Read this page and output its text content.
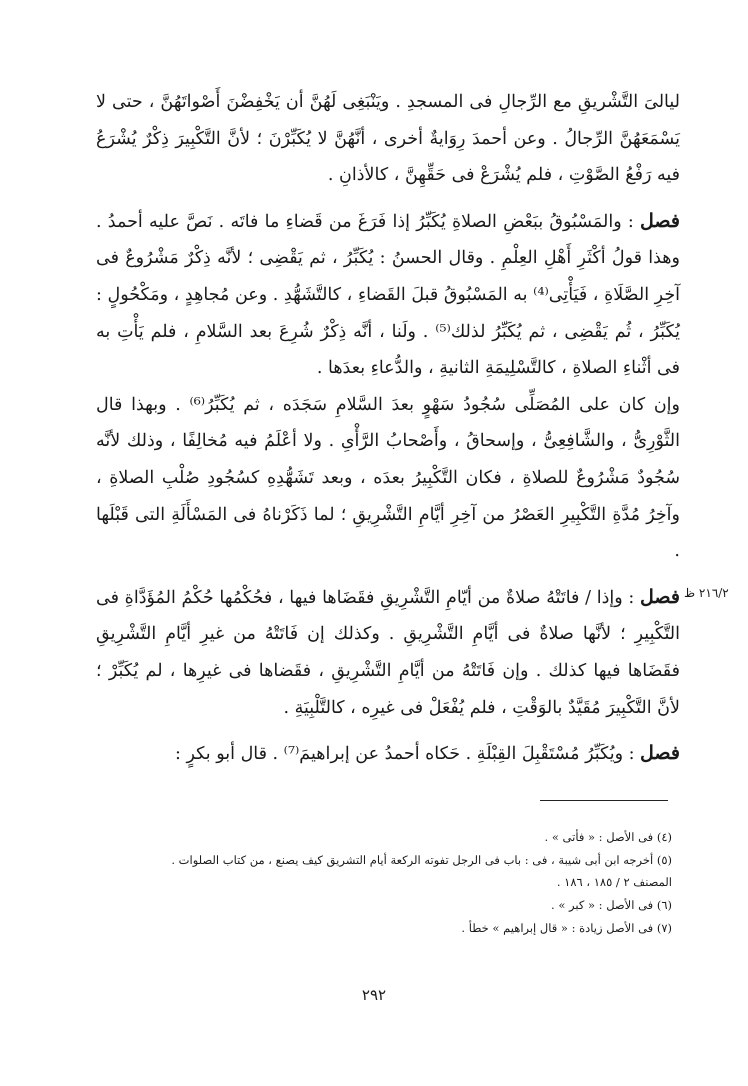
ليالىَ التَّشْريقِ مع الرِّجالِ فى المسجدِ . ويَنْبَغِى لَهُنَّ أن يَخْفِضْنَ أَصْواتَهُنَّ ، حتى لا يَسْمَعَهُنَّ الرِّجالُ . وعن أحمدَ رِوَايةٌ أخرى ، أنَّهُنَّ لا يُكَبِّرْنَ ؛ لأنَّ التَّكْبِيرَ ذِكْرٌ يُشْرَعُ فيه رَفْعُ الصَّوْتِ ، فلم يُشْرَعْ فى حَقِّهِنَّ ، كالأذانِ .

فصل : والمَسْبُوقُ ببَعْضِ الصلاةِ يُكَبِّرُ إذا فَرَغَ من قَضاءِ ما فاتَه . نَصَّ عليه أحمدُ . وهذا قولُ أكْثَرِ أَهْلِ العِلْمِ . وقال الحسنُ : يُكَبِّرُ ، ثم يَقْضِى ؛ لأنَّه ذِكْرٌ مَشْرُوعٌ فى آخِرِ الصَّلَاةِ ، فَيَأْتِى⁽⁴⁾ به المَسْبُوقُ قبلَ القَضاءِ ، كالتَّشَهُّدِ . وعن مُجاهِدٍ ، ومَكْحُولٍ : يُكَبِّرُ ، ثُم يَقْضِى ، ثم يُكَبِّرُ لذلك⁽⁵⁾ . ولَنا ، أنَّه ذِكْرٌ شُرِعَ بعد السَّلامِ ، فلم يَأْتِ به فى أثْناءِ الصلاةِ ، كالتَّسْلِيمَةِ الثانيةِ ، والدُّعاءِ بعدَها .

وإن كان على المُصَلِّى سُجُودُ سَهْوٍ بعدَ السَّلامِ سَجَدَه ، ثم يُكَبِّرُ⁽⁶⁾ . وبهذا قال الثَّوْرِىُّ ، والشَّافِعِىُّ ، وإسحاقُ ، وأَصْحابُ الرَّأْىِ . ولا أعْلَمُ فيه مُخالِفًا ، وذلك لأنَّه سُجُودٌ مَشْرُوعٌ للصلاةِ ، فكان التَّكْبِيرُ بعدَه ، وبعد تَشَهُّدِهِ كسُجُودِ صُلْبِ الصلاةِ ، وآخِرُ مُدَّةِ التَّكْبِيرِ العَصْرُ من آخِرِ أيَّامِ التَّشْرِيقِ ؛ لما ذَكَرْناهُ فى المَسْأَلَةِ التى قَبْلَها .

فصل : وإذا / فاتَتْهُ صلاةٌ من أيّامِ التَّشْرِيقِ فقَضَاها فيها ، فحُكْمُها حُكْمُ المُؤَدَّاةِ فى التَّكْبِيرِ ؛ لأنَّها صلاةٌ فى أيَّامِ التَّشْرِيقِ . وكذلك إن فَاتَتْهُ من غيرِ أيَّامِ التَّشْرِيقِ فقَضَاها فيها كذلك . وإن فَاتَتْهُ من أيَّامِ التَّشْرِيقِ ، فقَضاها فى غيرِها ، لم يُكَبِّرْ ؛ لأنَّ التَّكْبِيرَ مُقَيَّدٌ بالوَقْتِ ، فلم يُفْعَلْ فى غيرِه ، كالتَّلْبِيَةِ .

فصل : ويُكَبِّرُ مُسْتَقْبِلَ القِبْلَةِ . حَكاه أحمدُ عن إبراهيمَ⁽⁷⁾ . قال أبو بكرٍ :

٢١٦/٢ ظ
(٤) فى الأصل : « فأتى » .
(٥) أخرجه ابن أبى شيبة ، فى : باب فى الرجل تفوته الركعة أيام التشريق كيف يصنع ، من كتاب الصلوات .
المصنف ٢ / ١٨٥ ، ١٨٦ .
(٦) فى الأصل : « كبر » .
(٧) فى الأصل زيادة : « قال إبراهيم » خطأ .
٢٩٢
